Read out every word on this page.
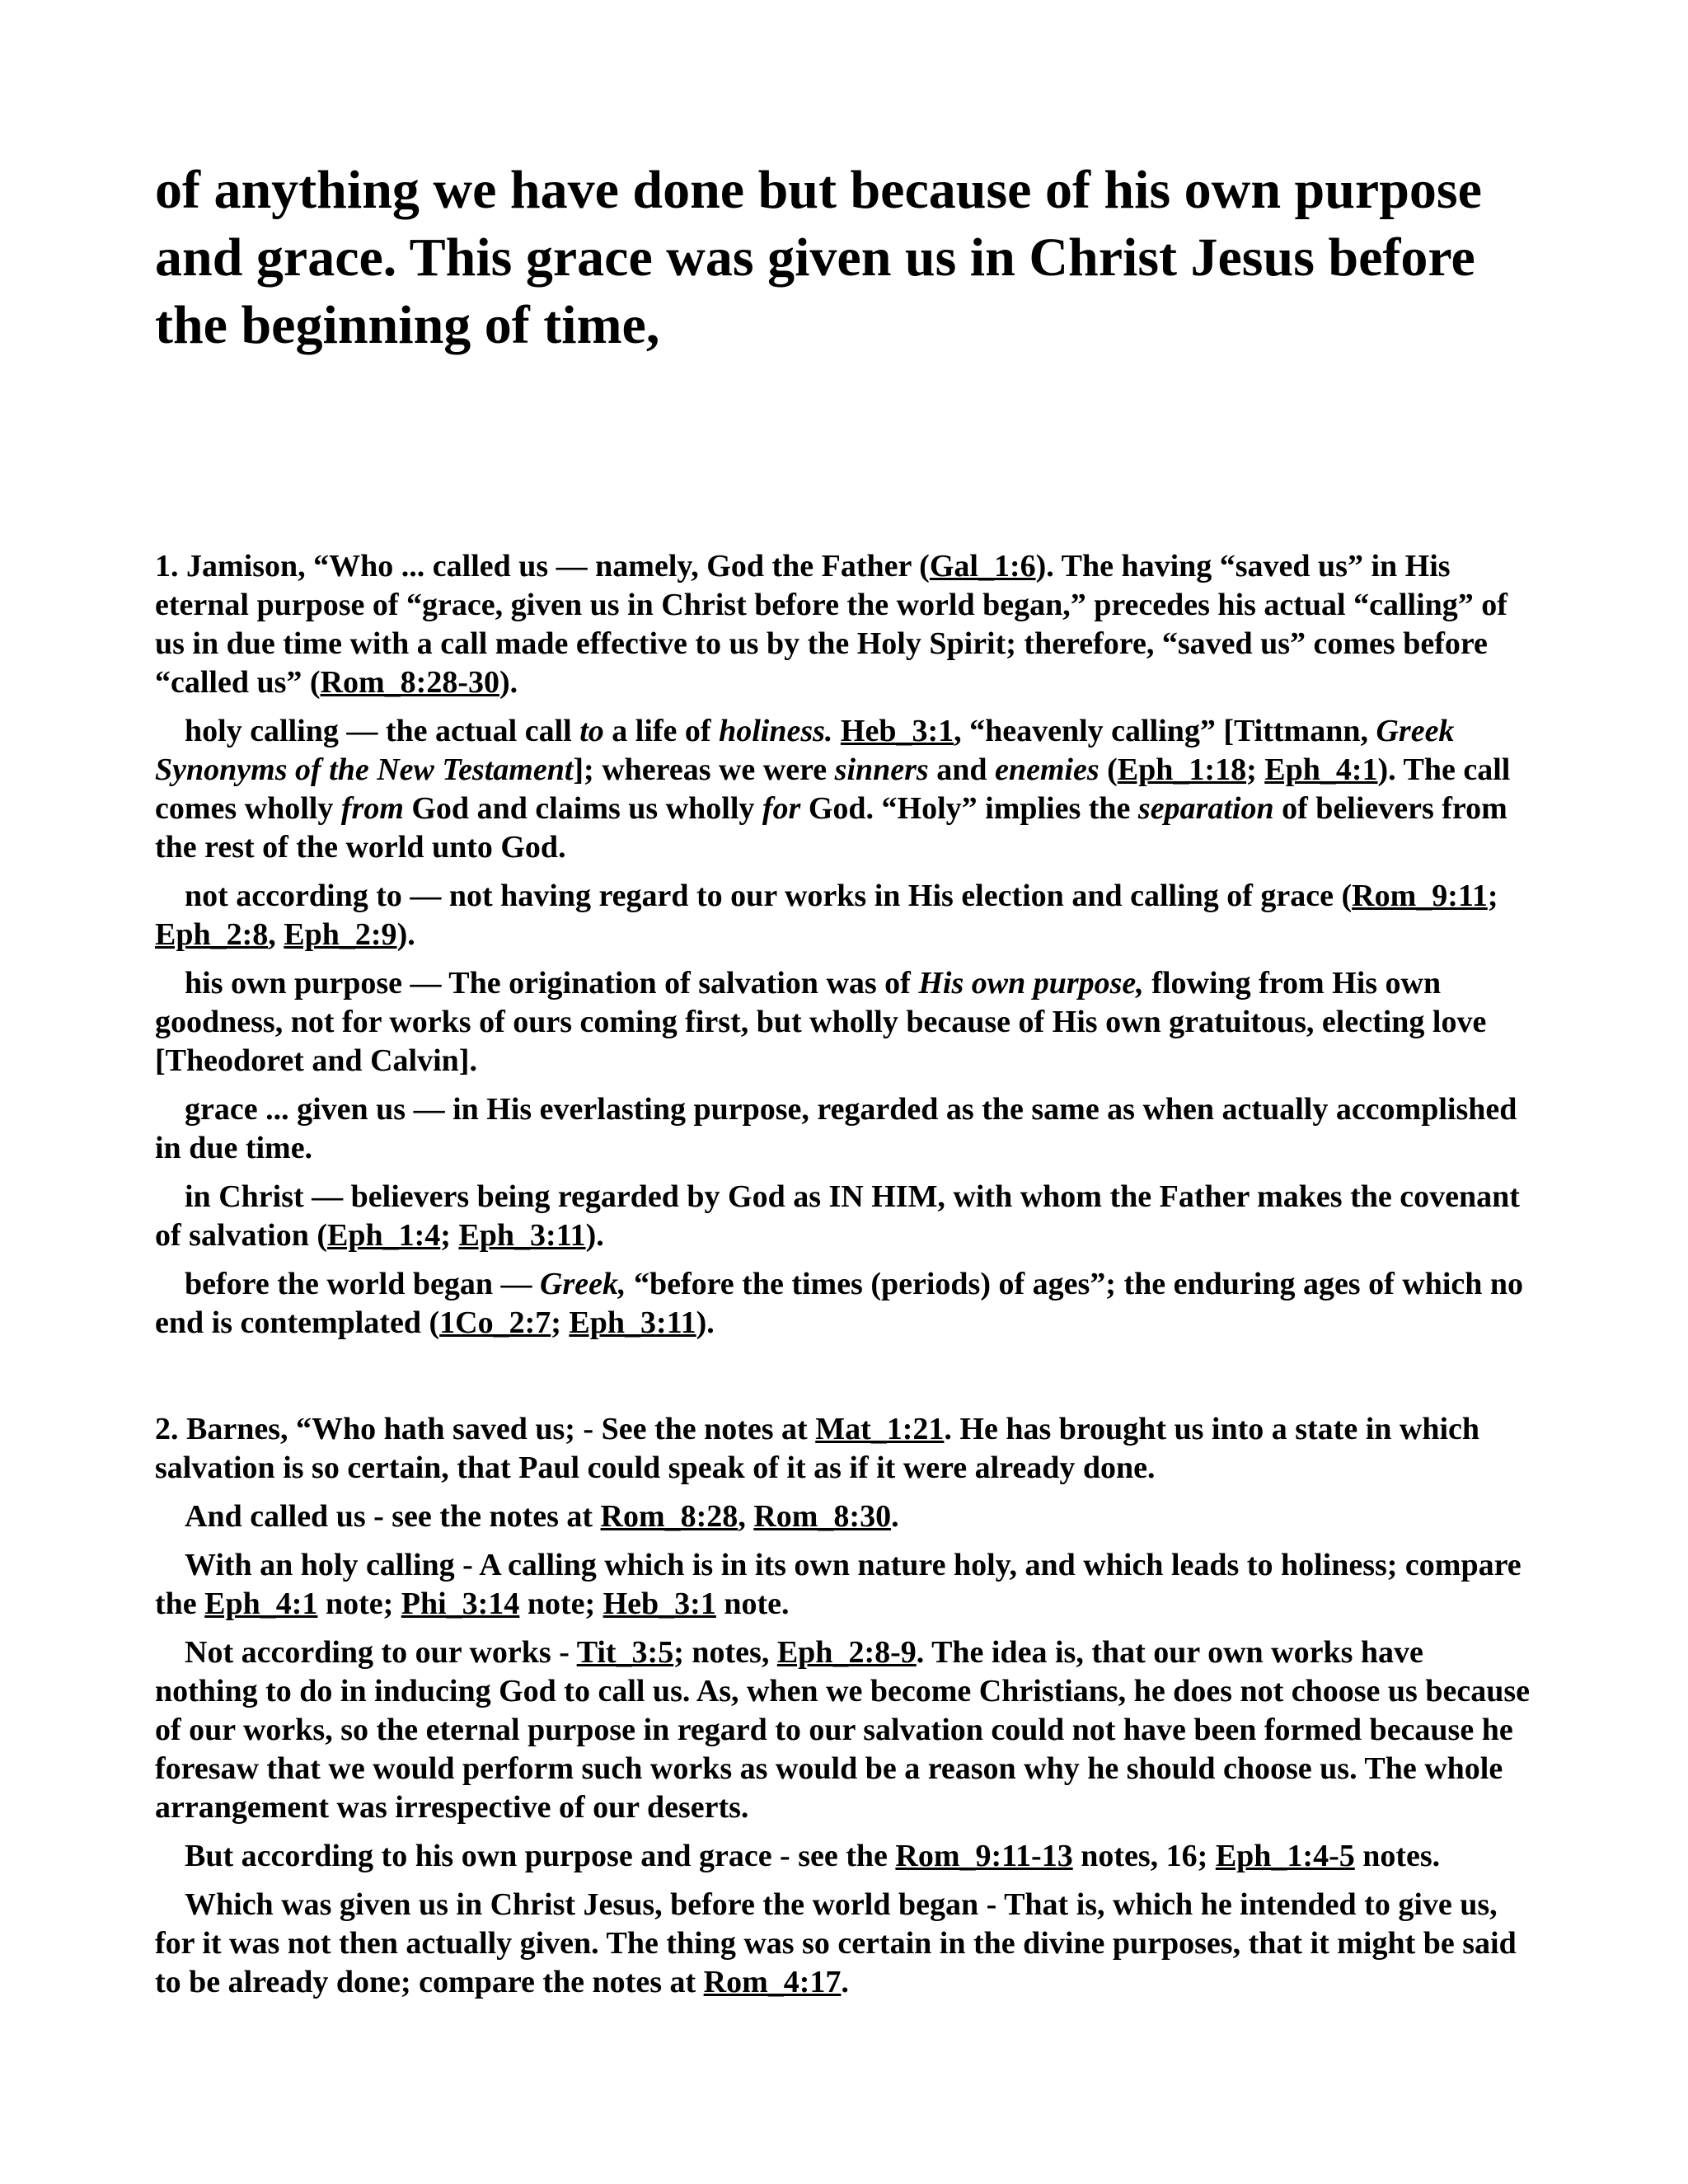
of anything we have done but because of his own purpose and grace. This grace was given us in Christ Jesus before the beginning of time,

1. Jamison, “Who ... called us — namely, God the Father (Gal_1:6). The having “saved us” in His eternal purpose of “grace, given us in Christ before the world began,” precedes his actual “calling” of us in due time with a call made effective to us by the Holy Spirit; therefore, “saved us” comes before “called us” (Rom_8:28-30).

holy calling — the actual call to a life of holiness. Heb_3:1, “heavenly calling” [Tittmann, Greek Synonyms of the New Testament]; whereas we were sinners and enemies (Eph_1:18; Eph_4:1). The call comes wholly from God and claims us wholly for God. “Holy” implies the separation of believers from the rest of the world unto God.

not according to — not having regard to our works in His election and calling of grace (Rom_9:11; Eph_2:8, Eph_2:9).

his own purpose — The origination of salvation was of His own purpose, flowing from His own goodness, not for works of ours coming first, but wholly because of His own gratuitous, electing love [Theodoret and Calvin].

grace ... given us — in His everlasting purpose, regarded as the same as when actually accomplished in due time.

in Christ — believers being regarded by God as IN HIM, with whom the Father makes the covenant of salvation (Eph_1:4; Eph_3:11).

before the world began — Greek, “before the times (periods) of ages”; the enduring ages of which no end is contemplated (1Co_2:7; Eph_3:11).

2. Barnes, “Who hath saved us; - See the notes at Mat_1:21. He has brought us into a state in which salvation is so certain, that Paul could speak of it as if it were already done.

And called us - see the notes at Rom_8:28, Rom_8:30.

With an holy calling - A calling which is in its own nature holy, and which leads to holiness; compare the Eph_4:1 note; Phi_3:14 note; Heb_3:1 note.

Not according to our works - Tit_3:5; notes, Eph_2:8-9. The idea is, that our own works have nothing to do in inducing God to call us. As, when we become Christians, he does not choose us because of our works, so the eternal purpose in regard to our salvation could not have been formed because he foresaw that we would perform such works as would be a reason why he should choose us. The whole arrangement was irrespective of our deserts.

But according to his own purpose and grace - see the Rom_9:11-13 notes, 16; Eph_1:4-5 notes.

Which was given us in Christ Jesus, before the world began - That is, which he intended to give us, for it was not then actually given. The thing was so certain in the divine purposes, that it might be said to be already done; compare the notes at Rom_4:17.
